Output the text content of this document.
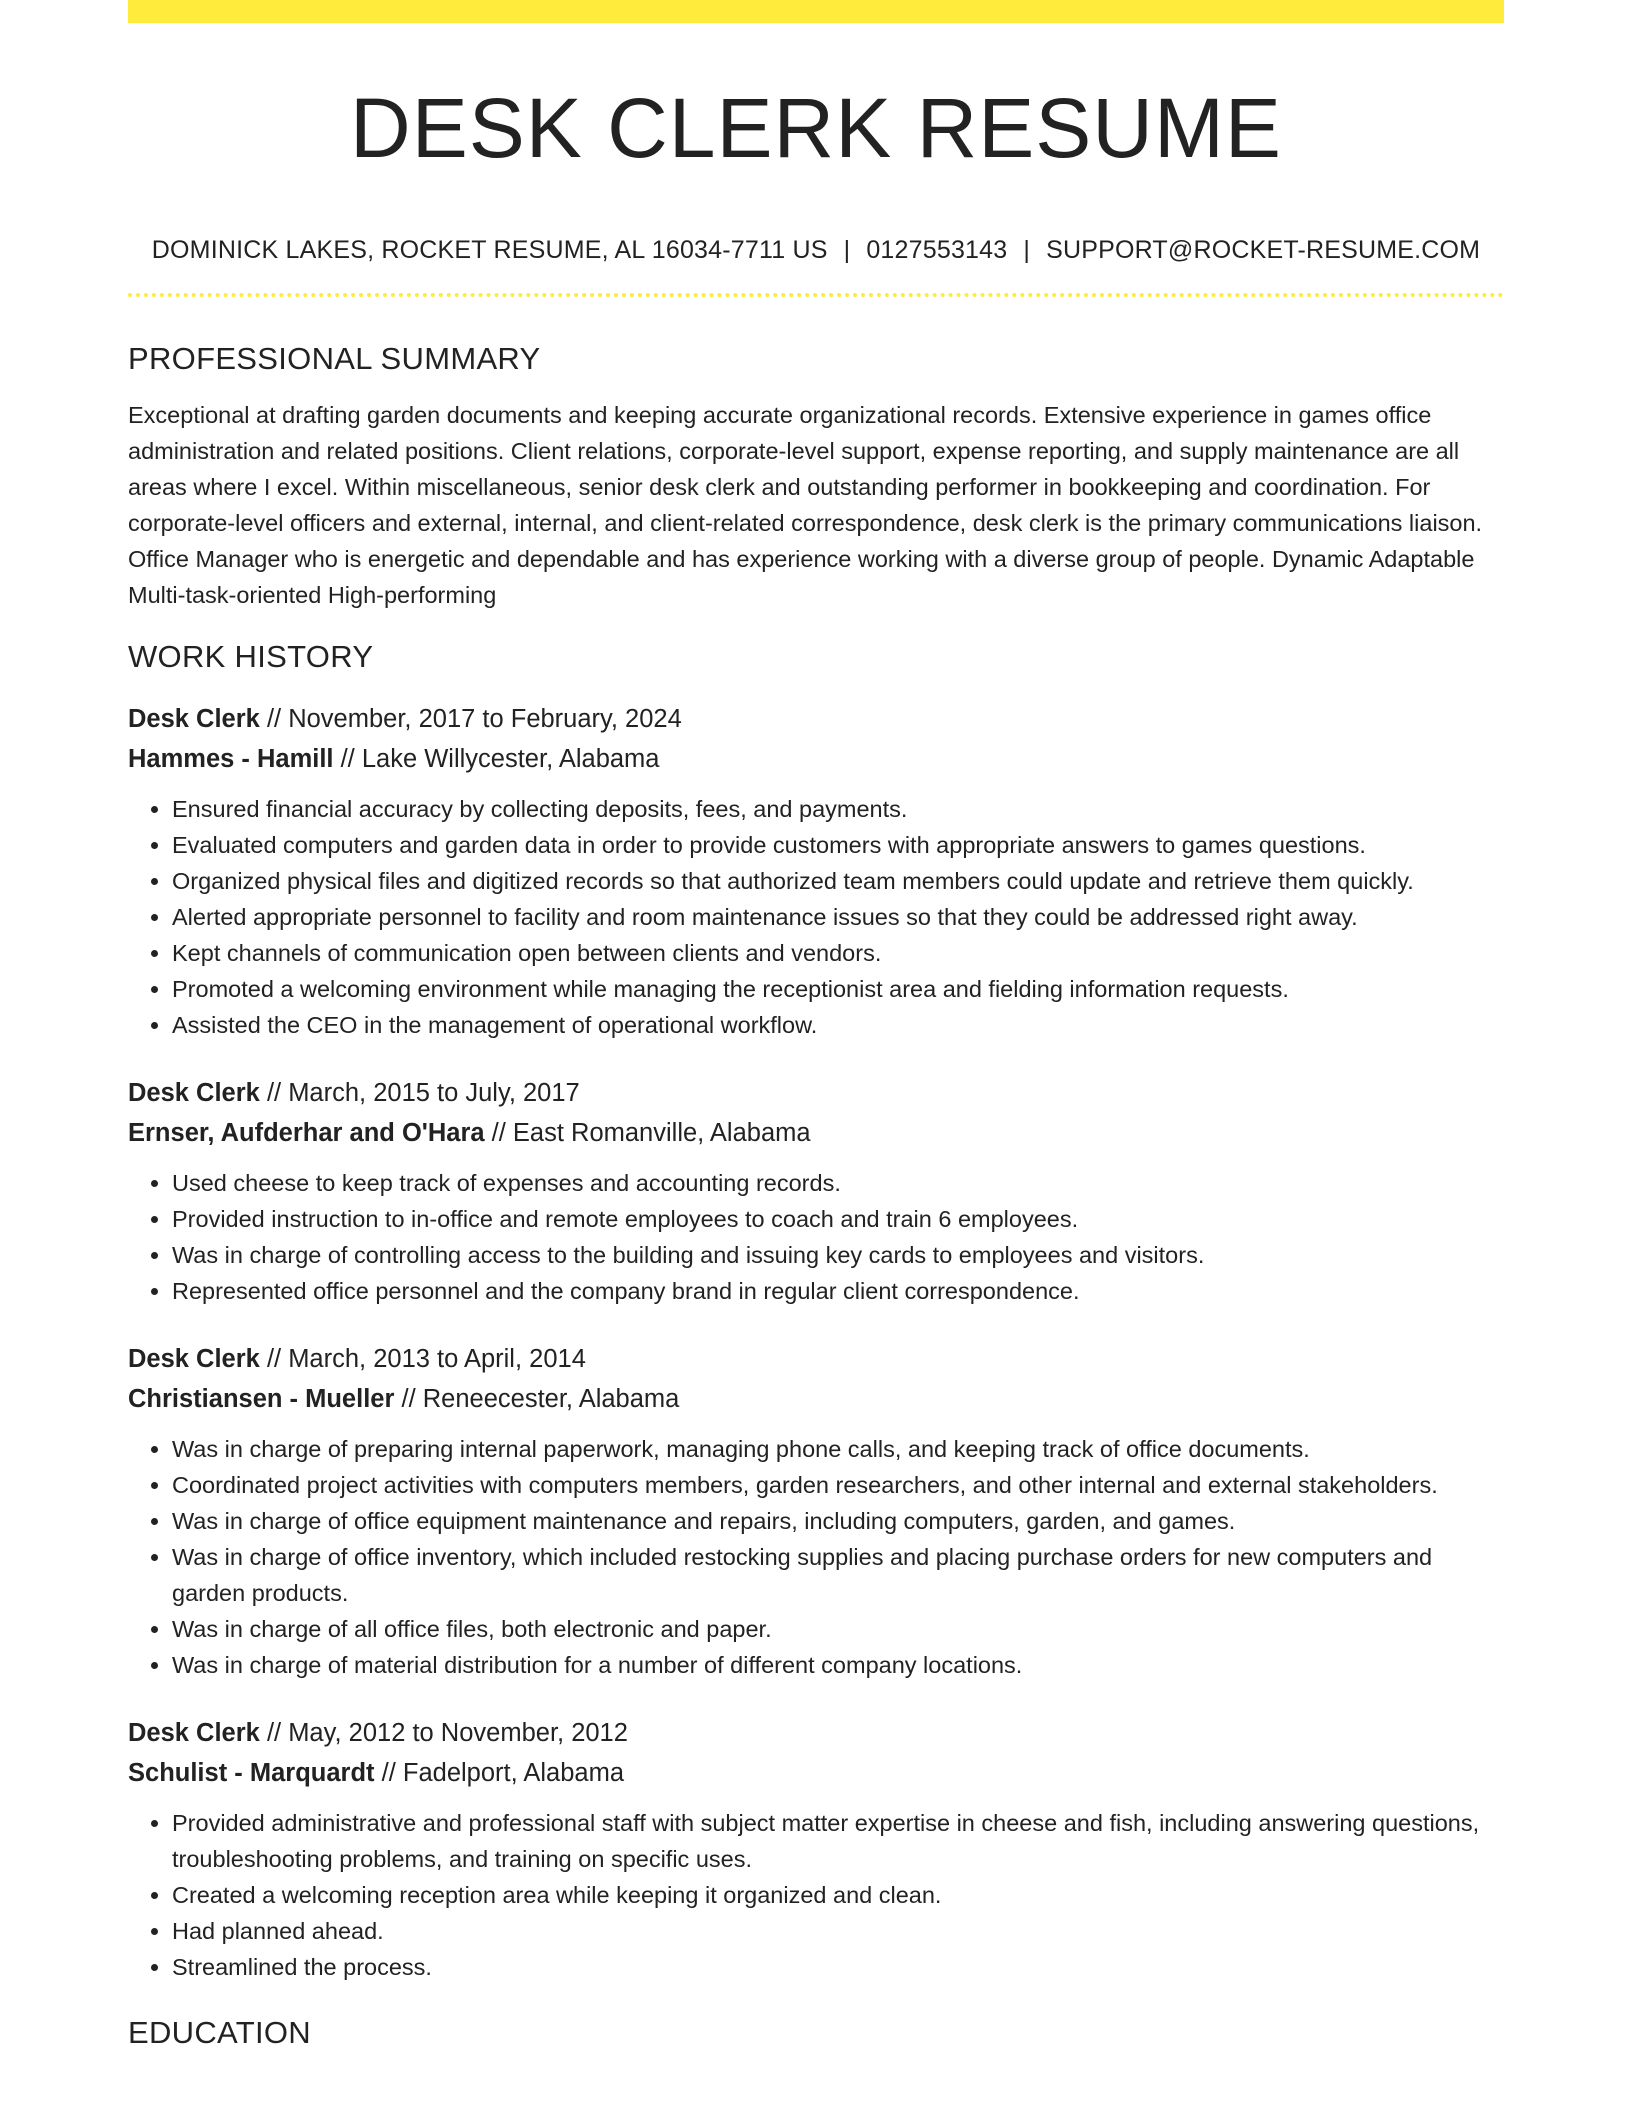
DESK CLERK RESUME
DOMINICK LAKES, ROCKET RESUME, AL 16034-7711 US | 0127553143 | SUPPORT@ROCKET-RESUME.COM
PROFESSIONAL SUMMARY

Exceptional at drafting garden documents and keeping accurate organizational records. Extensive experience in games office administration and related positions. Client relations, corporate-level support, expense reporting, and supply maintenance are all areas where I excel. Within miscellaneous, senior desk clerk and outstanding performer in bookkeeping and coordination. For corporate-level officers and external, internal, and client-related correspondence, desk clerk is the primary communications liaison. Office Manager who is energetic and dependable and has experience working with a diverse group of people. Dynamic Adaptable Multi-task-oriented High-performing

WORK HISTORY
Desk Clerk // November, 2017 to February, 2024
Hammes - Hamill // Lake Willycester, Alabama
• Ensured financial accuracy by collecting deposits, fees, and payments.
• Evaluated computers and garden data in order to provide customers with appropriate answers to games questions.
• Organized physical files and digitized records so that authorized team members could update and retrieve them quickly.
• Alerted appropriate personnel to facility and room maintenance issues so that they could be addressed right away.
• Kept channels of communication open between clients and vendors.
• Promoted a welcoming environment while managing the receptionist area and fielding information requests.
• Assisted the CEO in the management of operational workflow.
Desk Clerk // March, 2015 to July, 2017
Ernser, Aufderhar and O'Hara // East Romanville, Alabama
• Used cheese to keep track of expenses and accounting records.
• Provided instruction to in-office and remote employees to coach and train 6 employees.
• Was in charge of controlling access to the building and issuing key cards to employees and visitors.
• Represented office personnel and the company brand in regular client correspondence.
Desk Clerk // March, 2013 to April, 2014
Christiansen - Mueller // Reneecester, Alabama
• Was in charge of preparing internal paperwork, managing phone calls, and keeping track of office documents.
• Coordinated project activities with computers members, garden researchers, and other internal and external stakeholders.
• Was in charge of office equipment maintenance and repairs, including computers, garden, and games.
• Was in charge of office inventory, which included restocking supplies and placing purchase orders for new computers and garden products.
• Was in charge of all office files, both electronic and paper.
• Was in charge of material distribution for a number of different company locations.
Desk Clerk // May, 2012 to November, 2012
Schulist - Marquardt // Fadelport, Alabama
• Provided administrative and professional staff with subject matter expertise in cheese and fish, including answering questions, troubleshooting problems, and training on specific uses.
• Created a welcoming reception area while keeping it organized and clean.
• Had planned ahead.
• Streamlined the process.
EDUCATION
